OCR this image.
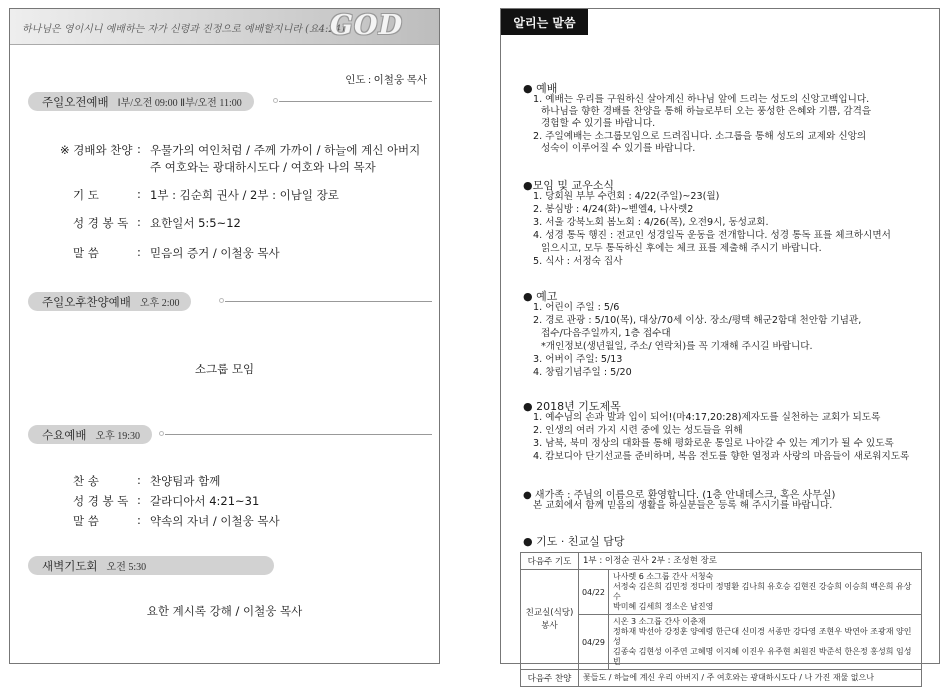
하나님은 영이시니 예배하는 자가 신령과 진정으로 예배할지니라 (요4:24)
GOD
인도 : 이철웅 목사
주일오전예배 Ⅰ부/오전 09:00 Ⅱ부/오전 11:00
※ 경배와 찬양 : 우물가의 여인처럼 / 주께 가까이 / 하늘에 계신 아버지
주 여호와는 광대하시도다 / 여호와 나의 목자
기 도	: 1부 : 김순희 권사 / 2부 : 이남일 장로
성 경 봉 독 : 요한일서 5:5~12
말 씀	: 믿음의 증거 / 이철웅 목사
주일오후찬양예배 오후 2:00
소그룹 모임
수요예배 오후 19:30
찬 송	: 찬양팀과 함께
성 경 봉 독 : 갈라디아서 4:21~31
말 씀	: 약속의 자녀 / 이철웅 목사
새벽기도회 오전 5:30
요한 계시록 강해 / 이철웅 목사
알리는 말씀
● 예배
1. 예배는 우리를 구원하신 살아계신 하나님 앞에 드리는 성도의 신앙고백입니다.
하나님을 향한 경배를 찬양을 통해 하늘로부터 오는 풍성한 은혜와 기쁨, 감격을
경험할 수 있기를 바랍니다.
2. 주일예배는 소그룹모임으로 드려집니다. 소그룹을 통해 성도의 교제와 신앙의
성숙이 이루어질 수 있기를 바랍니다.
●모임 및 교우소식
1. 당회원 부부 수련회 : 4/22(주일)~23(월)
2. 봉심방 : 4/24(화)~벧엘4, 나사렛2
3. 서울 강북노회 봄노회 : 4/26(목), 오전9시, 동성교회.
4. 성경 통독 행진 : 전교인 성경일독 운동을 전개합니다. 성경 통독 표를 체크하시면서
읽으시고, 모두 통독하신 후에는 체크 표를 제출해 주시기 바랍니다.
5. 식사 : 서정숙 집사
● 예고
1. 어린이 주일 : 5/6
2. 경로 관광 : 5/10(목), 대상/70세 이상. 장소/평택 해군2함대 천안함 기념관,
접수/다음주일까지, 1층 접수대
*개인정보(생년월일, 주소/ 연락처)를 꼭 기재해 주시길 바랍니다.
3. 어버이 주일: 5/13
4. 창립기념주일 : 5/20
● 2018년 기도제목
1. 예수님의 손과 발과 입이 되어!(마4:17,20:28)제자도를 실천하는 교회가 되도록
2. 인생의 여러 가지 시련 중에 있는 성도들을 위해
3. 남북, 북미 정상의 대화를 통해 평화로운 통일로 나아갈 수 있는 계기가 될 수 있도록
4. 캄보디아 단기선교를 준비하며, 복음 전도를 향한 열정과 사랑의 마음들이 새로워지도록
● 새가족 : 주님의 이름으로 환영합니다. (1층 안내데스크, 혹은 사무실)
본 교회에서 함께 믿음의 생활을 하실분들은 등록 해 주시기를 바랍니다.
● 기도 · 친교실 담당
다음주 기도	1부 : 이정순 권사 2부 : 조성현 장로	
친교실(식당) 봉사	04/22	나사렛 6 소그룹 간사 서청숙
서정숙 김은희 김민정 정다미 정명환 김나희 유호승 김현진 강승희 이승희 백은희 유상수
박미혜 김세희 정소은 남진영

	04/29	시온 3 소그룹 간사 이춘재
정하재 박선아 강정훈 양예령 한근대 신미경 서종만 강다영 조현우 박연아 조광재 양인성
김종숙 김현성 이주연 고혜명 이지혜 이진우 유주현 최원진 박준석 한은정 홍성희 임성빈

다음주 찬양	꽃들도 / 하늘에 계신 우리 아버지 / 주 여호와는 광대하시도다 / 나 가진 재물 없으나	
